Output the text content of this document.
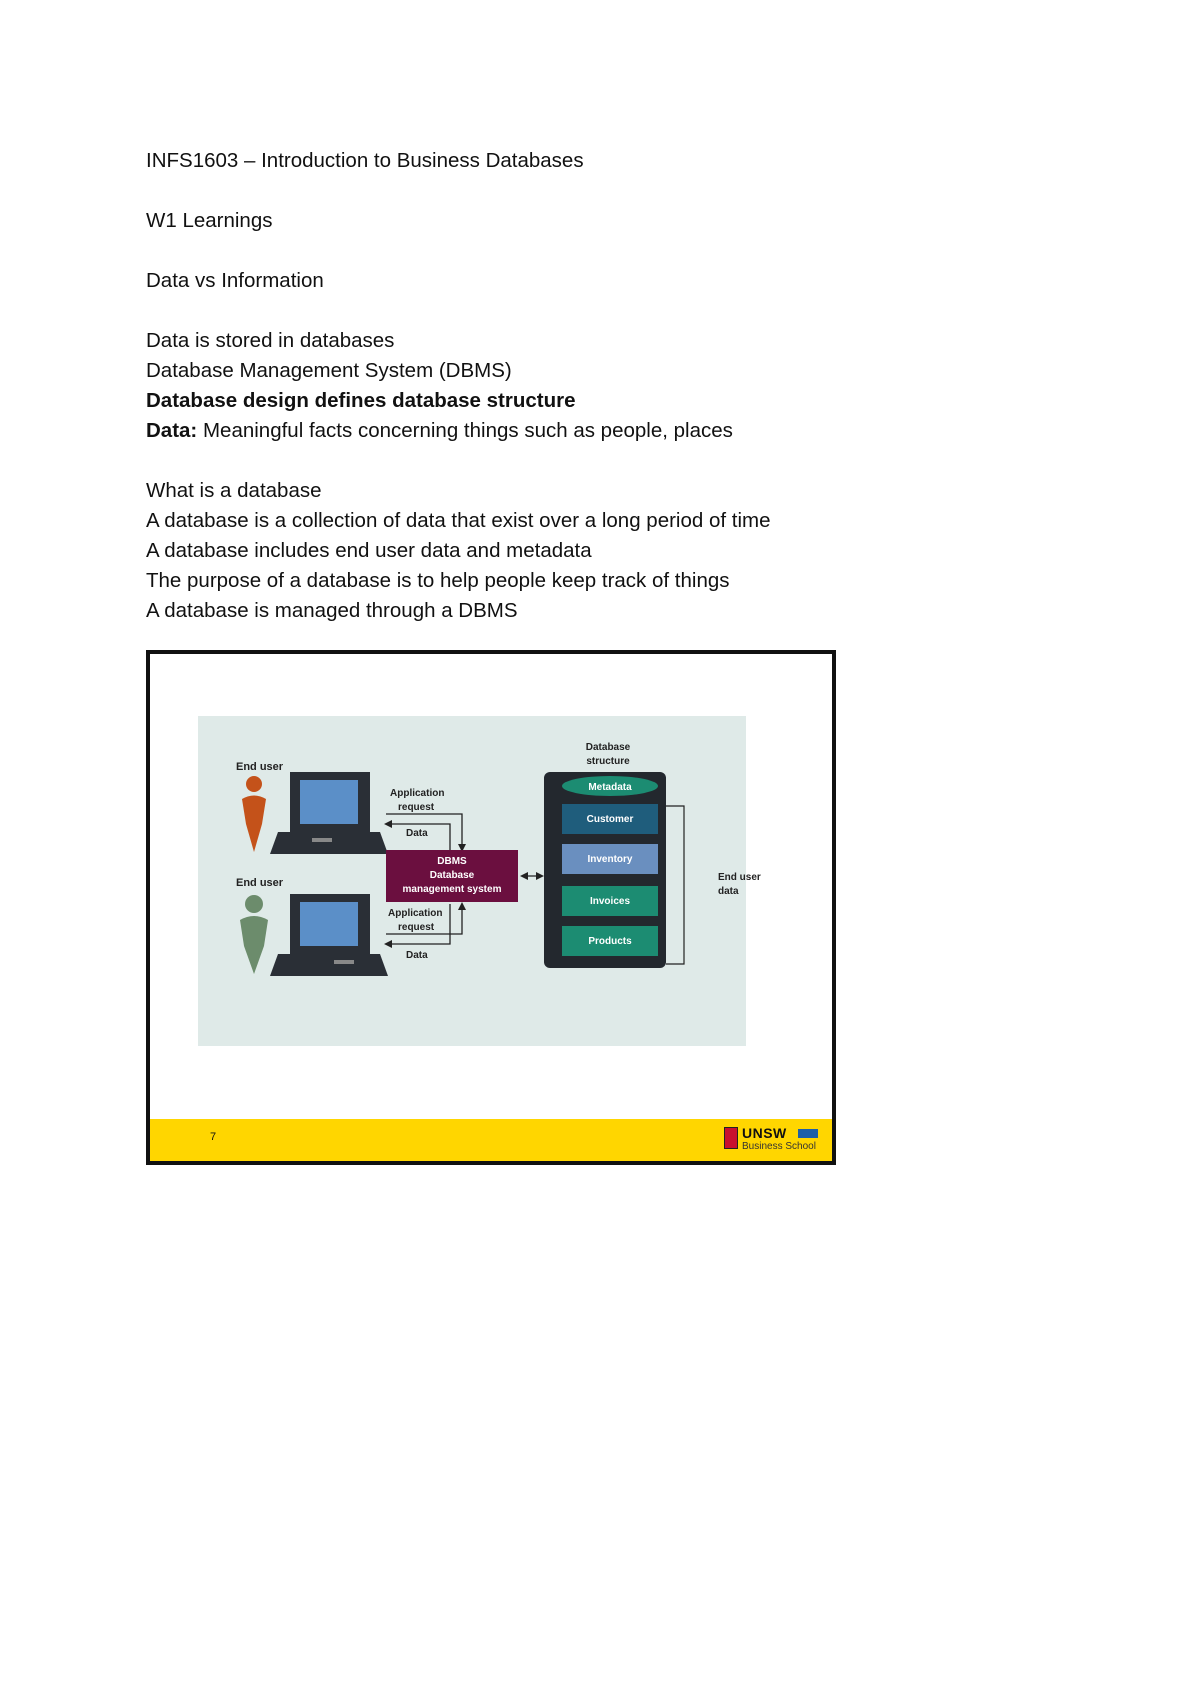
INFS1603 – Introduction to Business Databases
W1 Learnings
Data vs Information
Data is stored in databases
Database Management System (DBMS)
Database design defines database structure
Data: Meaningful facts concerning things such as people, places
What is a database
A database is a collection of data that exist over a long period of time
A database includes end user data and metadata
The purpose of a database is to help people keep track of things
A database is managed through a DBMS
End user
End user
Application
request
Data
DBMS
Database
management system
Application
request
Data
Database
structure
Metadata
Customer
Inventory
Invoices
Products
End user
data
7	UNSW
Business School
